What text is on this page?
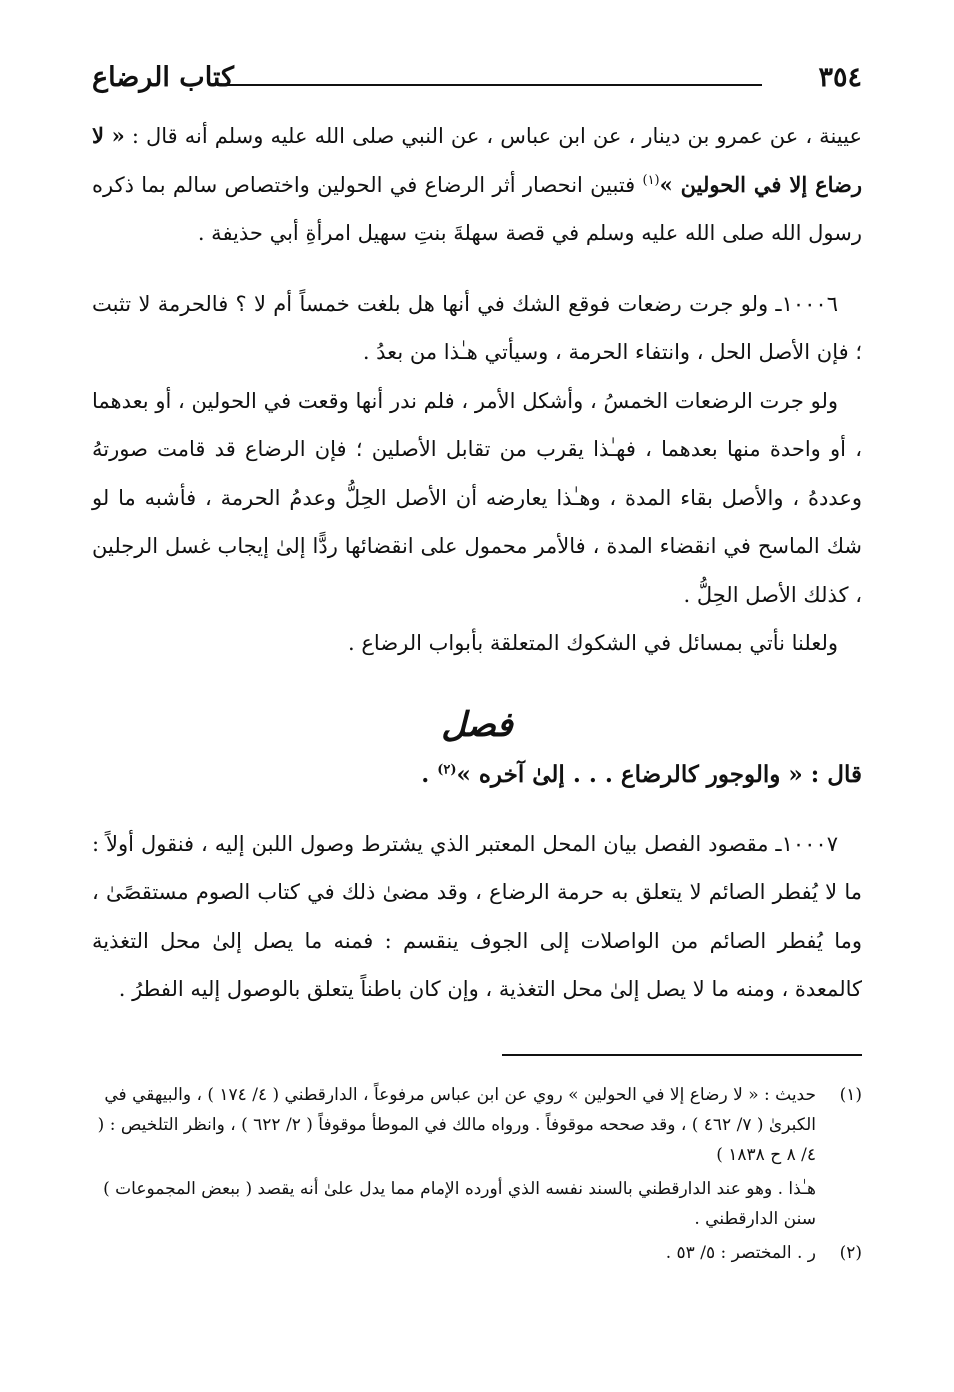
٣٥٤
كتاب الرضاع

عيينة ، عن عمرو بن دينار ، عن ابن عباس ، عن النبي صلى الله عليه وسلم أنه قال : « لا رضاع إلا في الحولين »$^{(١)}$ فتبين انحصار أثر الرضاع في الحولين واختصاص سالم بما ذكره رسول الله صلى الله عليه وسلم في قصة سهلةَ بنتِ سهيل امرأةِ أبي حذيفة .

١٠٠٠٦ـ ولو جرت رضعات فوقع الشك في أنها هل بلغت خمساً أم لا ؟ فالحرمة لا تثبت ؛ فإن الأصل الحل ، وانتفاء الحرمة ، وسيأتي هـٰذا من بعدُ .

ولو جرت الرضعات الخمسُ ، وأشكل الأمر ، فلم ندر أنها وقعت في الحولين ، أو بعدهما ، أو واحدة منها بعدهما ، فهـٰذا يقرب من تقابل الأصلين ؛ فإن الرضاع قد قامت صورتهُ وعددهُ ، والأصل بقاء المدة ، وهـٰذا يعارضه أن الأصل الحِلُّ وعدمُ الحرمة ، فأشبه ما لو شك الماسح في انقضاء المدة ، فالأمر محمول على انقضائها ردًّا إلىٰ إيجاب غسل الرجلين ، كذلك الأصل الحِلُّ .

ولعلنا نأتي بمسائل في الشكوك المتعلقة بأبواب الرضاع .

فصل

قال : « والوجور كالرضاع . . . إلىٰ آخره »$^{(٢)}$ .

١٠٠٠٧ـ مقصود الفصل بيان المحل المعتبر الذي يشترط وصول اللبن إليه ، فنقول أولاً : ما لا يُفطر الصائم لا يتعلق به حرمة الرضاع ، وقد مضىٰ ذلك في كتاب الصوم مستقصًىٰ ، وما يُفطر الصائم من الواصلات إلى الجوف ينقسم : فمنه ما يصل إلىٰ محل التغذية كالمعدة ، ومنه ما لا يصل إلىٰ محل التغذية ، وإن كان باطناً يتعلق بالوصول إليه الفطرُ .

(١)
حديث : « لا رضاع إلا في الحولين » روي عن ابن عباس مرفوعاً ، الدارقطني ( ٤/ ١٧٤ ) ، والبيهقي في الكبرىٰ ( ٧/ ٤٦٢ ) ، وقد صححه موقوفاً . ورواه مالك في الموطأ موقوفاً ( ٢/ ٦٢٢ ) ، وانظر التلخيص : ( ٤/ ٨ ح ١٨٣٨ )
هـٰذا . وهو عند الدارقطني بالسند نفسه الذي أورده الإمام مما يدل علىٰ أنه يقصد ( ببعض المجموعات ) سنن الدارقطني .
(٢)
ر . المختصر : ٥/ ٥٣ .
